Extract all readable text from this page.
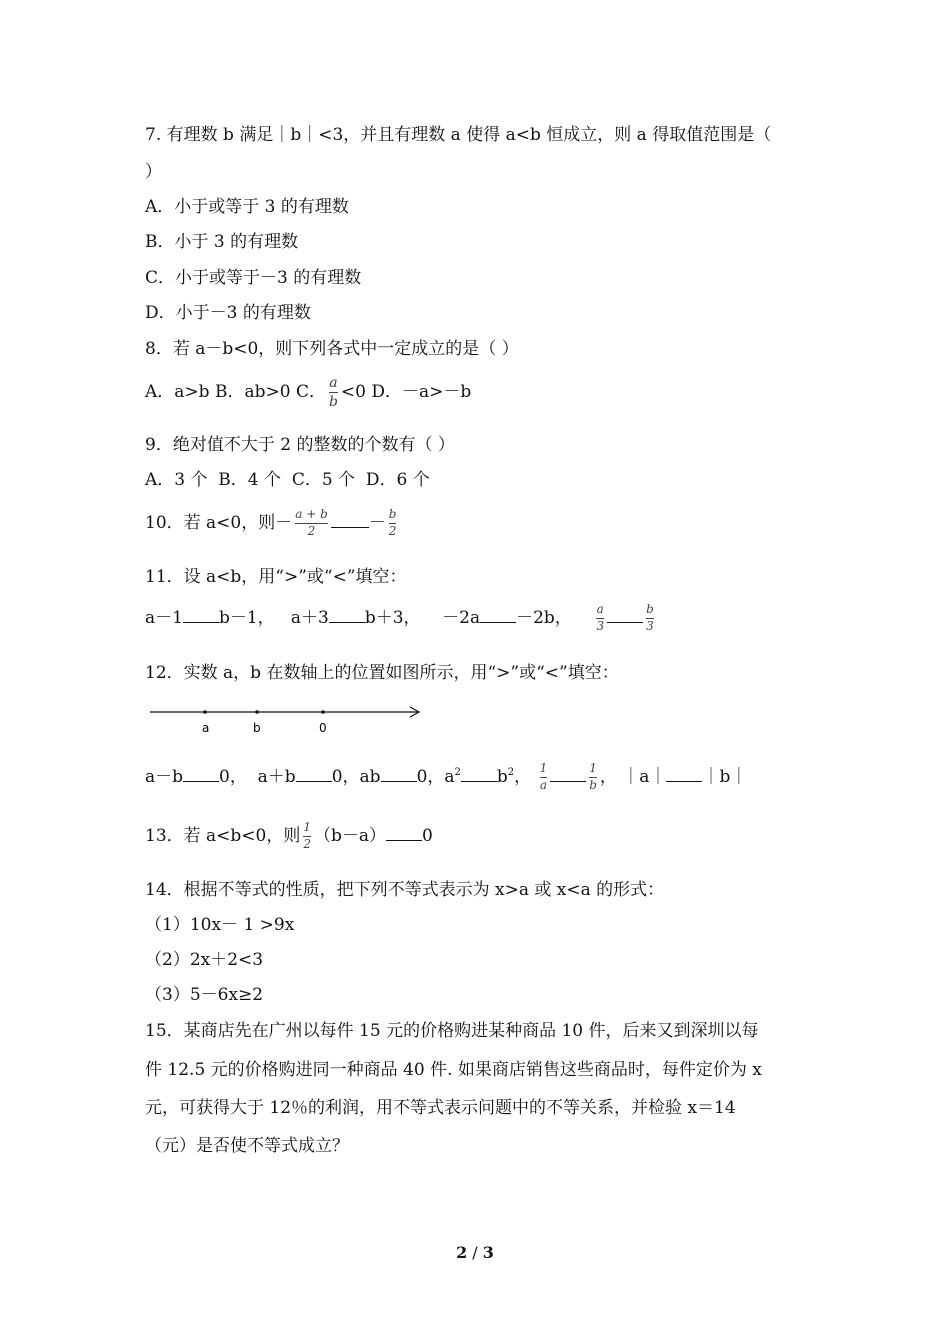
7. 有理数 b 满足｜b｜<3，并且有理数 a 使得 a<b 恒成立，则 a 得取值范围是（
）
A．小于或等于 3 的有理数
B．小于 3 的有理数
C．小于或等于－3 的有理数
D．小于－3 的有理数
8．若 a－b<0，则下列各式中一定成立的是（ ）
A．a>b B．ab>0 C． $\frac{a}{b} <0$ D．－a>－b
9．绝对值不大于 2 的整数的个数有（ ）
A．3 个  B．4 个  C．5 个  D．6 个
10．若 a<0，则－ $\frac{a + b}{2} - \frac{b}{2}$
11．设 a<b，用“>”或“<”填空：
a－1 b－1， a＋3 b＋3， －2a －2b， $\frac{a}{3}$	$\frac{b}{3}$
12．实数 a，b 在数轴上的位置如图所示，用“>”或“<”填空：
a	b	0
a－b 0， a＋b 0，ab 0，$a^2$ $b^2$， $\frac{1}{a}$	$\frac{1}{b}$ ， ｜a｜ ｜b｜
13．若 a<b<0，则 $\frac{1}{2} (b-a)$ 0
14．根据不等式的性质，把下列不等式表示为 x>a 或 x<a 的形式：
（1）10x－ 1 >9x
（2）2x＋2<3
（3）5－6x≥2
15．某商店先在广州以每件 15 元的价格购进某种商品 10 件，后来又到深圳以每
件 12.5 元的价格购进同一种商品 40 件. 如果商店销售这些商品时，每件定价为 x
元，可获得大于 12％的利润，用不等式表示问题中的不等关系，并检验 x＝14
（元）是否使不等式成立？
2 / 3
